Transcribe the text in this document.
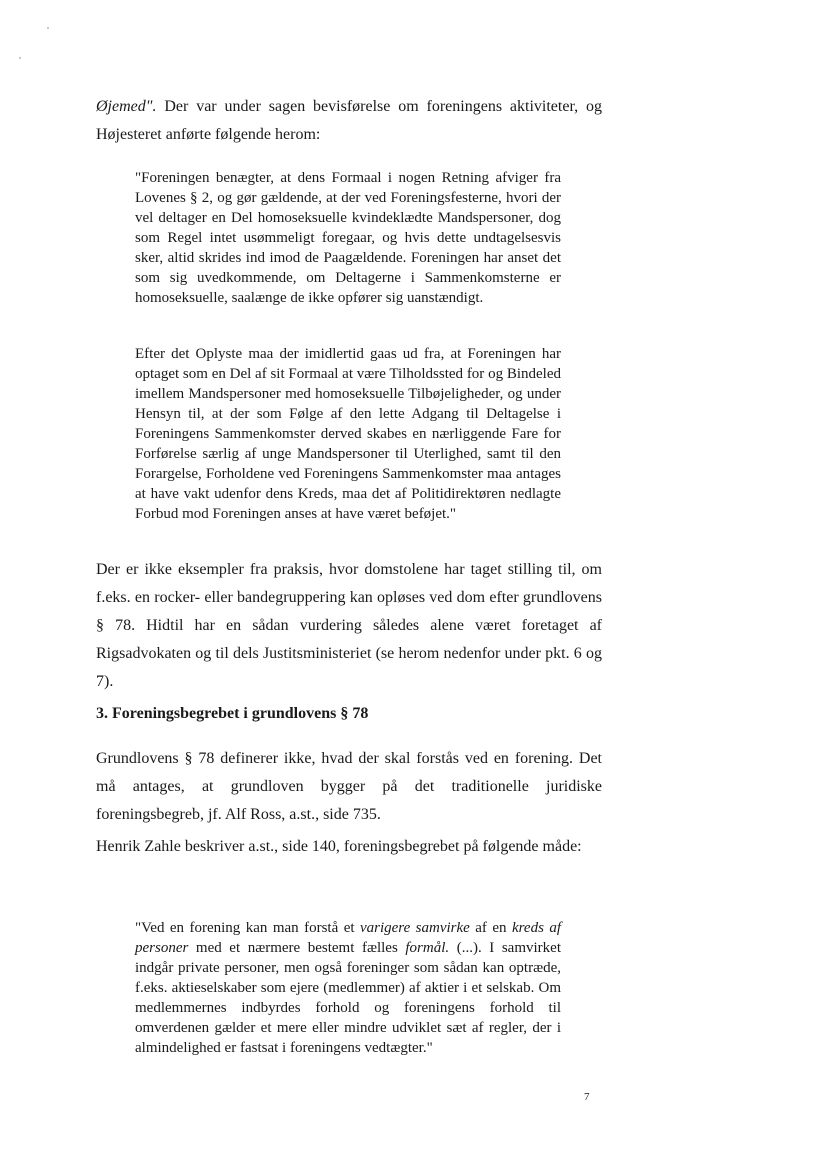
Øjemed". Der var under sagen bevisførelse om foreningens aktiviteter, og Højesteret anførte følgende herom:

"Foreningen benægter, at dens Formaal i nogen Retning afviger fra Lovenes § 2, og gør gældende, at der ved Foreningsfesterne, hvori der vel deltager en Del homoseksuelle kvindeklædte Mandspersoner, dog som Regel intet usømmeligt foregaar, og hvis dette undtagelsesvis sker, altid skrides ind imod de Paagældende. Foreningen har anset det som sig uvedkommende, om Deltagerne i Sammenkomsterne er homoseksuelle, saalænge de ikke opfører sig uanstændigt.

Efter det Oplyste maa der imidlertid gaas ud fra, at Foreningen har optaget som en Del af sit Formaal at være Tilholdssted for og Bindeled imellem Mandspersoner med homoseksuelle Tilbøjeligheder, og under Hensyn til, at der som Følge af den lette Adgang til Deltagelse i Foreningens Sammenkomster derved skabes en nærliggende Fare for Forførelse særlig af unge Mandspersoner til Uterlighed, samt til den Forargelse, Forholdene ved Foreningens Sammenkomster maa antages at have vakt udenfor dens Kreds, maa det af Politidirektøren nedlagte Forbud mod Foreningen anses at have været beføjet."

Der er ikke eksempler fra praksis, hvor domstolene har taget stilling til, om f.eks. en rocker- eller bandegruppering kan opløses ved dom efter grundlovens § 78. Hidtil har en sådan vurdering således alene været foretaget af Rigsadvokaten og til dels Justitsministeriet (se herom nedenfor under pkt. 6 og 7).

3. Foreningsbegrebet i grundlovens § 78

Grundlovens § 78 definerer ikke, hvad der skal forstås ved en forening. Det må antages, at grundloven bygger på det traditionelle juridiske foreningsbegreb, jf. Alf Ross, a.st., side 735.

Henrik Zahle beskriver a.st., side 140, foreningsbegrebet på følgende måde:

"Ved en forening kan man forstå et varigere samvirke af en kreds af personer med et nærmere bestemt fælles formål. (...). I samvirket indgår private personer, men også foreninger som sådan kan optræde, f.eks. aktieselskaber som ejere (medlemmer) af aktier i et selskab. Om medlemmernes indbyrdes forhold og foreningens forhold til omverdenen gælder et mere eller mindre udviklet sæt af regler, der i almindelighed er fastsat i foreningens vedtægter."

7
